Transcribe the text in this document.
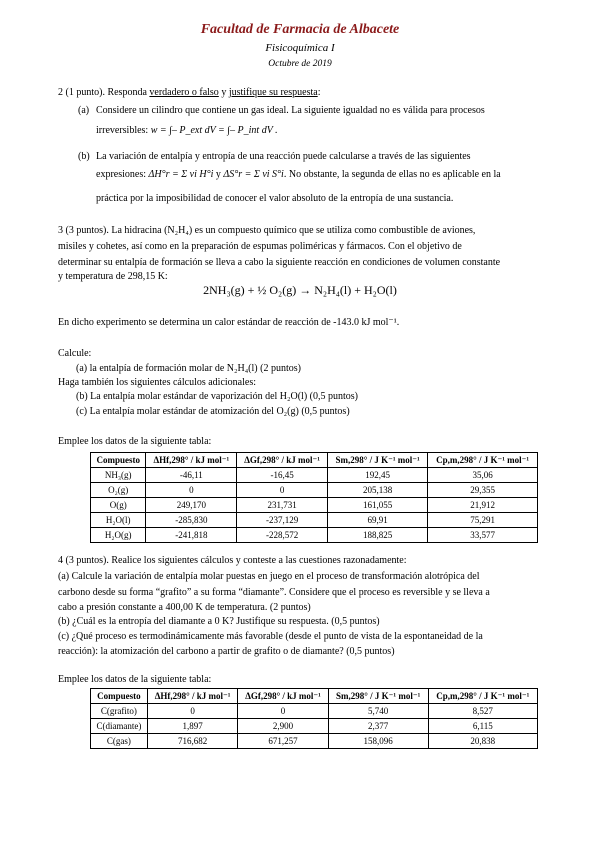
Facultad de Farmacia de Albacete
Fisicoquímica I
Octubre de 2019
2 (1 punto). Responda verdadero o falso y justifique su respuesta:
(a) Considere un cilindro que contiene un gas ideal. La siguiente igualdad no es válida para procesos
irreversibles: w = ∫– P_ext dV = ∫– P_int dV .
(b) La variación de entalpía y entropía de una reacción puede calcularse a través de las siguientes
expresiones: ΔH°r = Σ νi H°i y ΔS°r = Σ νi S°i. No obstante, la segunda de ellas no es aplicable en la
práctica por la imposibilidad de conocer el valor absoluto de la entropía de una sustancia.
3 (3 puntos). La hidracina (N₂H₄) es un compuesto químico que se utiliza como combustible de aviones,
misiles y cohetes, así como en la preparación de espumas poliméricas y fármacos. Con el objetivo de
determinar su entalpía de formación se lleva a cabo la siguiente reacción en condiciones de volumen constante
y temperatura de 298,15 K:
2NH₃(g) + ½ O₂(g) → N₂H₄(l) + H₂O(l)
En dicho experimento se determina un calor estándar de reacción de -143.0 kJ mol⁻¹.
Calcule:
(a) la entalpía de formación molar de N₂H₄(l) (2 puntos)
Haga también los siguientes cálculos adicionales:
(b) La entalpía molar estándar de vaporización del H₂O(l) (0,5 puntos)
(c) La entalpía molar estándar de atomización del O₂(g) (0,5 puntos)
Emplee los datos de la siguiente tabla:
Compuesto	ΔHf,298° / kJ mol⁻¹	ΔGf,298° / kJ mol⁻¹	Sm,298° / J K⁻¹ mol⁻¹	Cp,m,298° / J K⁻¹ mol⁻¹
NH₃(g)	-46,11	-16,45	192,45	35,06
O₂(g)	0	0	205,138	29,355
O(g)	249,170	231,731	161,055	21,912
H₂O(l)	-285,830	-237,129	69,91	75,291
H₂O(g)	-241,818	-228,572	188,825	33,577
4 (3 puntos). Realice los siguientes cálculos y conteste a las cuestiones razonadamente:
(a) Calcule la variación de entalpía molar puestas en juego en el proceso de transformación alotrópica del
carbono desde su forma “grafito” a su forma “diamante”. Considere que el proceso es reversible y se lleva a
cabo a presión constante a 400,00 K de temperatura. (2 puntos)
(b) ¿Cuál es la entropía del diamante a 0 K? Justifique su respuesta. (0,5 puntos)
(c) ¿Qué proceso es termodinámicamente más favorable (desde el punto de vista de la espontaneidad de la
reacción): la atomización del carbono a partir de grafito o de diamante? (0,5 puntos)
Emplee los datos de la siguiente tabla:
Compuesto	ΔHf,298° / kJ mol⁻¹	ΔGf,298° / kJ mol⁻¹	Sm,298° / J K⁻¹ mol⁻¹	Cp,m,298° / J K⁻¹ mol⁻¹
C(grafito)	0	0	5,740	8,527
C(diamante)	1,897	2,900	2,377	6,115
C(gas)	716,682	671,257	158,096	20,838
